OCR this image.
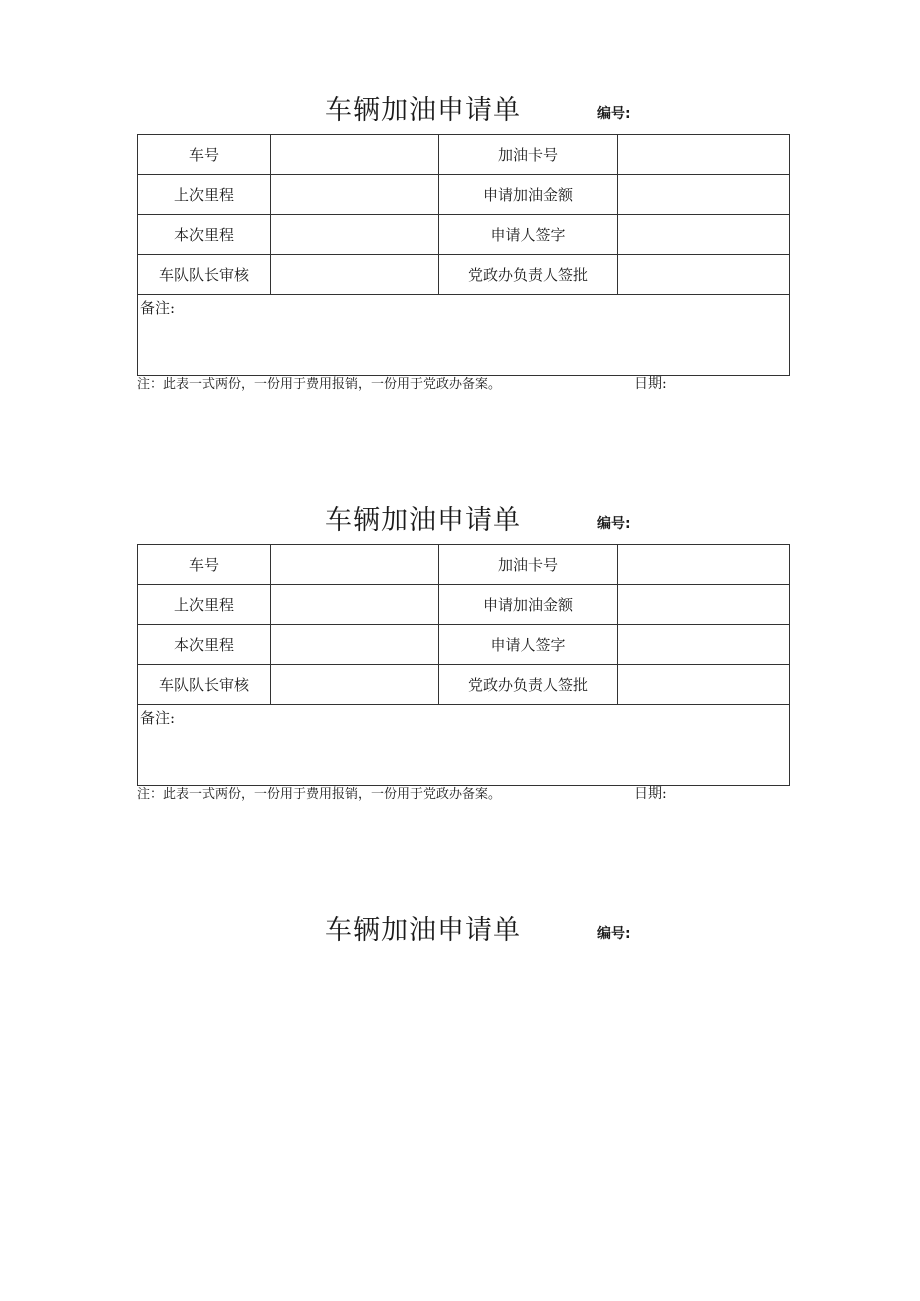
车辆加油申请单	编号:
车号		加油卡号	
上次里程		申请加油金额	
本次里程		申请人签字	
车队队长审核		党政办负责人签批	
备注:			
注：此表一式两份，一份用于费用报销，一份用于党政办备案。	日期:
车辆加油申请单	编号:
车号		加油卡号	
上次里程		申请加油金额	
本次里程		申请人签字	
车队队长审核		党政办负责人签批	
备注:			
注：此表一式两份，一份用于费用报销，一份用于党政办备案。	日期:
车辆加油申请单	编号:
